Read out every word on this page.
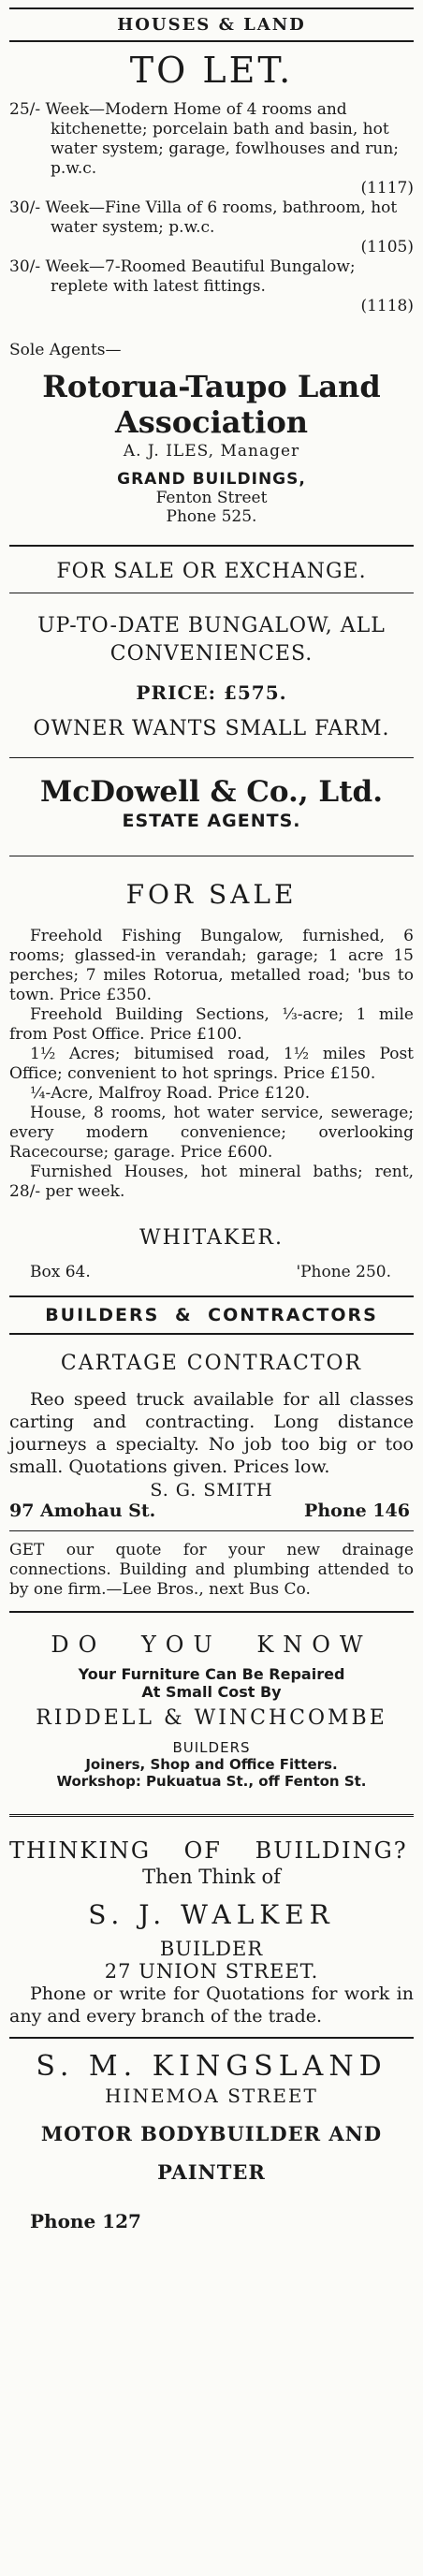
HOUSES & LAND
TO LET.
25/- Week—Modern Home of 4 rooms and kitchenette; porcelain bath and basin, hot water system; garage, fowlhouses and run; p.w.c.
(1117)
30/- Week—Fine Villa of 6 rooms, bathroom, hot water system; p.w.c.
(1105)
30/- Week—7-Roomed Beautiful Bungalow; replete with latest fittings.
(1118)
Sole Agents—
Rotorua-Taupo Land
Association
A. J. ILES, Manager
GRAND BUILDINGS,
Fenton Street
Phone 525.
FOR SALE OR EXCHANGE.
UP-TO-DATE BUNGALOW, ALL
CONVENIENCES.
PRICE: £575.
OWNER WANTS SMALL FARM.
McDowell & Co., Ltd.
ESTATE AGENTS.
FOR SALE
Freehold Fishing Bungalow, furnished, 6 rooms; glassed-in verandah; garage; 1 acre 15 perches; 7 miles Rotorua, metalled road; 'bus to town. Price £350.
Freehold Building Sections, ⅓-acre; 1 mile from Post Office. Price £100.
1½ Acres; bitumised road, 1½ miles Post Office; convenient to hot springs. Price £150.
¼-Acre, Malfroy Road. Price £120.
House, 8 rooms, hot water service, sewerage; every modern convenience; overlooking Racecourse; garage. Price £600.
Furnished Houses, hot mineral baths; rent, 28/- per week.
WHITAKER.
Box 64.	'Phone 250.
BUILDERS & CONTRACTORS
CARTAGE CONTRACTOR
Reo speed truck available for all classes carting and contracting. Long distance journeys a specialty. No job too big or too small. Quotations given. Prices low.
S. G. SMITH
97 Amohau St.	Phone 146
GET our quote for your new drainage connections. Building and plumbing attended to by one firm.—Lee Bros., next Bus Co.
DO YOU KNOW
Your Furniture Can Be Repaired
At Small Cost By
RIDDELL & WINCHCOMBE
BUILDERS
Joiners, Shop and Office Fitters.
Workshop: Pukuatua St., off Fenton St.
THINKING OF BUILDING?
Then Think of
S. J. WALKER
BUILDER
27 UNION STREET.
Phone or write for Quotations for work in any and every branch of the trade.
S. M. KINGSLAND
HINEMOA STREET
MOTOR BODYBUILDER AND
PAINTER
Phone 127
